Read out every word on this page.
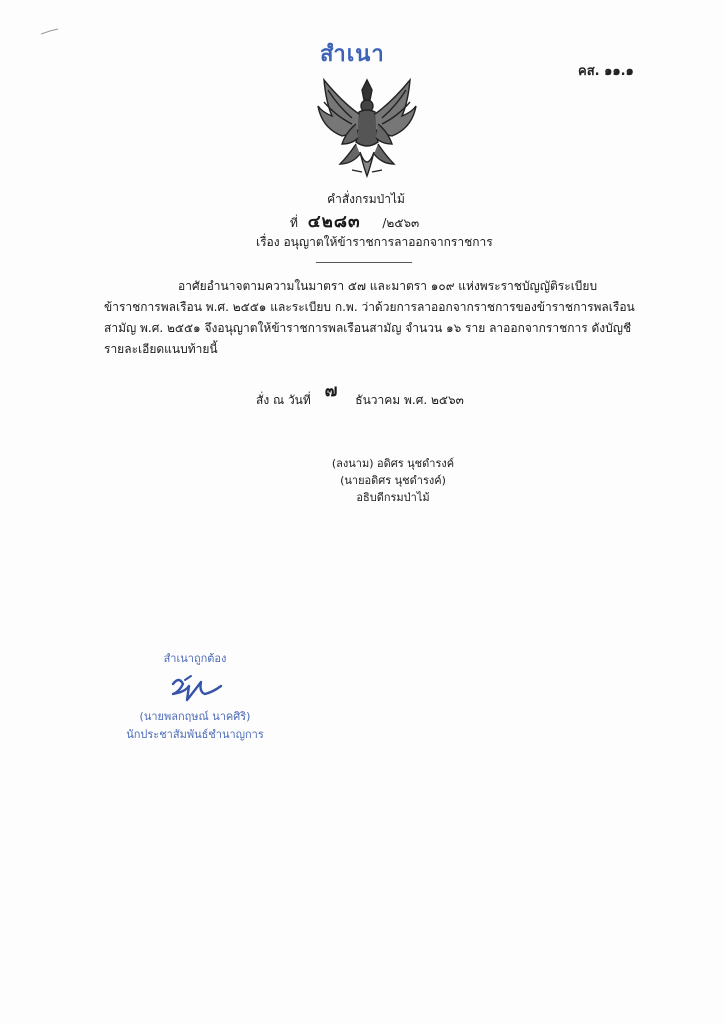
สำเนา
คส. ๑๑.๑
คำสั่งกรมป่าไม้
ที่ ๔๒๘๓ /๒๕๖๓
เรื่อง อนุญาตให้ข้าราชการลาออกจากราชการ

อาศัยอำนาจตามความในมาตรา ๕๗ และมาตรา ๑๐๙ แห่งพระราชบัญญัติระเบียบ

ข้าราชการพลเรือน พ.ศ. ๒๕๕๑ และระเบียบ ก.พ. ว่าด้วยการลาออกจากราชการของข้าราชการพลเรือน

สามัญ พ.ศ. ๒๕๕๑ จึงอนุญาตให้ข้าราชการพลเรือนสามัญ จำนวน ๑๖ ราย ลาออกจากราชการ ดังบัญชี

รายละเอียดแนบท้ายนี้

สั่ง ณ วันที่ ๗ ธันวาคม พ.ศ. ๒๕๖๓
(ลงนาม) อดิศร นุชดำรงค์
(นายอดิศร นุชดำรงค์)
อธิบดีกรมป่าไม้
สำเนาถูกต้อง
(นายพลกฤษณ์ นาคศิริ)
นักประชาสัมพันธ์ชำนาญการ
